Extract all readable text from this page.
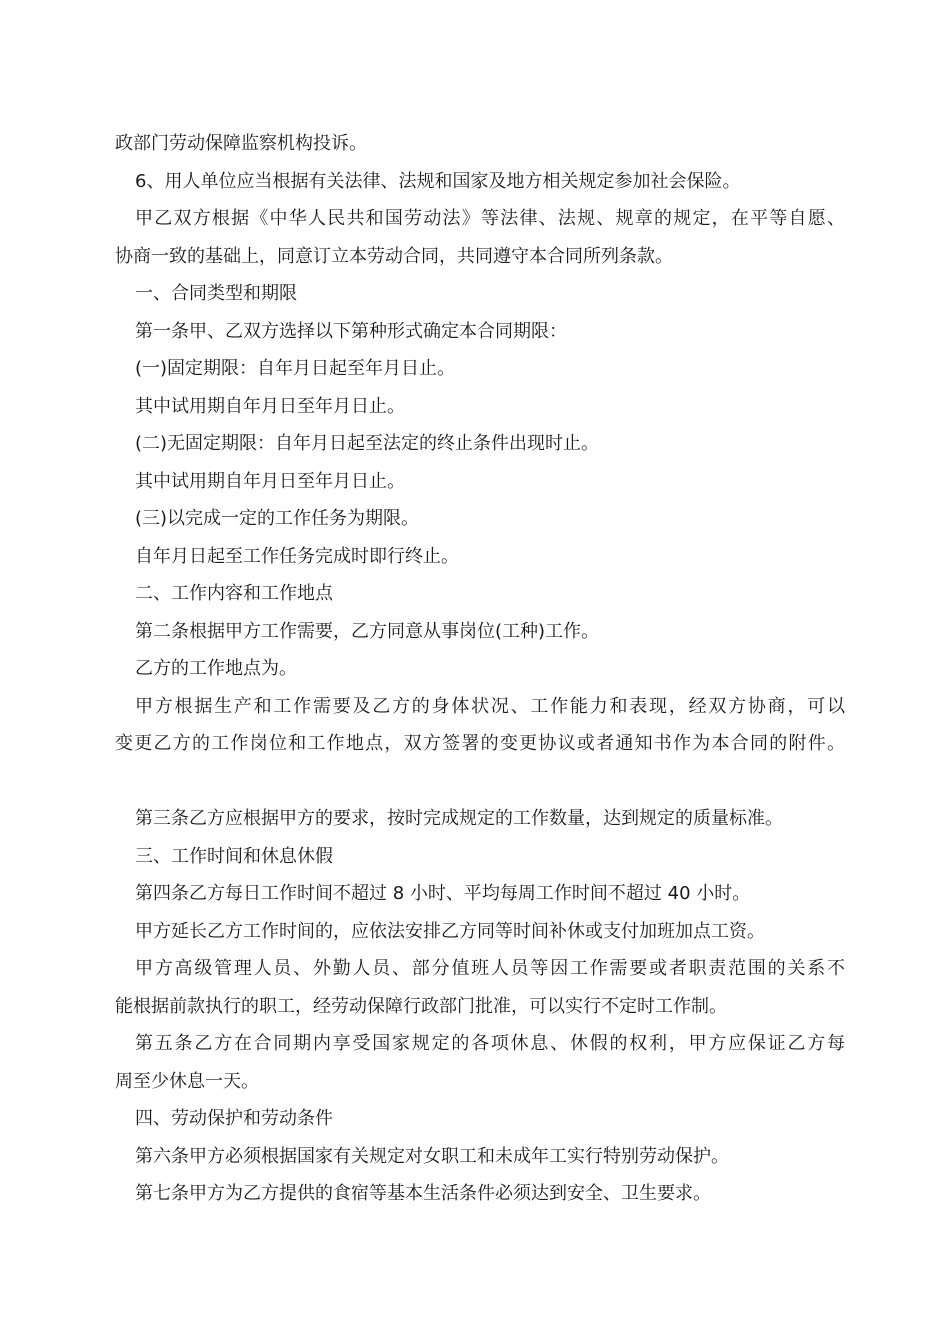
政部门劳动保障监察机构投诉。
6、用人单位应当根据有关法律、法规和国家及地方相关规定参加社会保险。
甲乙双方根据《中华人民共和国劳动法》等法律、法规、规章的规定，在平等自愿、
协商一致的基础上，同意订立本劳动合同，共同遵守本合同所列条款。
一、合同类型和期限
第一条甲、乙双方选择以下第种形式确定本合同期限：
(一)固定期限：自年月日起至年月日止。
其中试用期自年月日至年月日止。
(二)无固定期限：自年月日起至法定的终止条件出现时止。
其中试用期自年月日至年月日止。
(三)以完成一定的工作任务为期限。
自年月日起至工作任务完成时即行终止。
二、工作内容和工作地点
第二条根据甲方工作需要，乙方同意从事岗位(工种)工作。
乙方的工作地点为。
甲方根据生产和工作需要及乙方的身体状况、工作能力和表现，经双方协商，可以
变更乙方的工作岗位和工作地点，双方签署的变更协议或者通知书作为本合同的附件。
第三条乙方应根据甲方的要求，按时完成规定的工作数量，达到规定的质量标准。
三、工作时间和休息休假
第四条乙方每日工作时间不超过 8 小时、平均每周工作时间不超过 40 小时。
甲方延长乙方工作时间的，应依法安排乙方同等时间补休或支付加班加点工资。
甲方高级管理人员、外勤人员、部分值班人员等因工作需要或者职责范围的关系不
能根据前款执行的职工，经劳动保障行政部门批准，可以实行不定时工作制。
第五条乙方在合同期内享受国家规定的各项休息、休假的权利，甲方应保证乙方每
周至少休息一天。
四、劳动保护和劳动条件
第六条甲方必须根据国家有关规定对女职工和未成年工实行特别劳动保护。
第七条甲方为乙方提供的食宿等基本生活条件必须达到安全、卫生要求。
